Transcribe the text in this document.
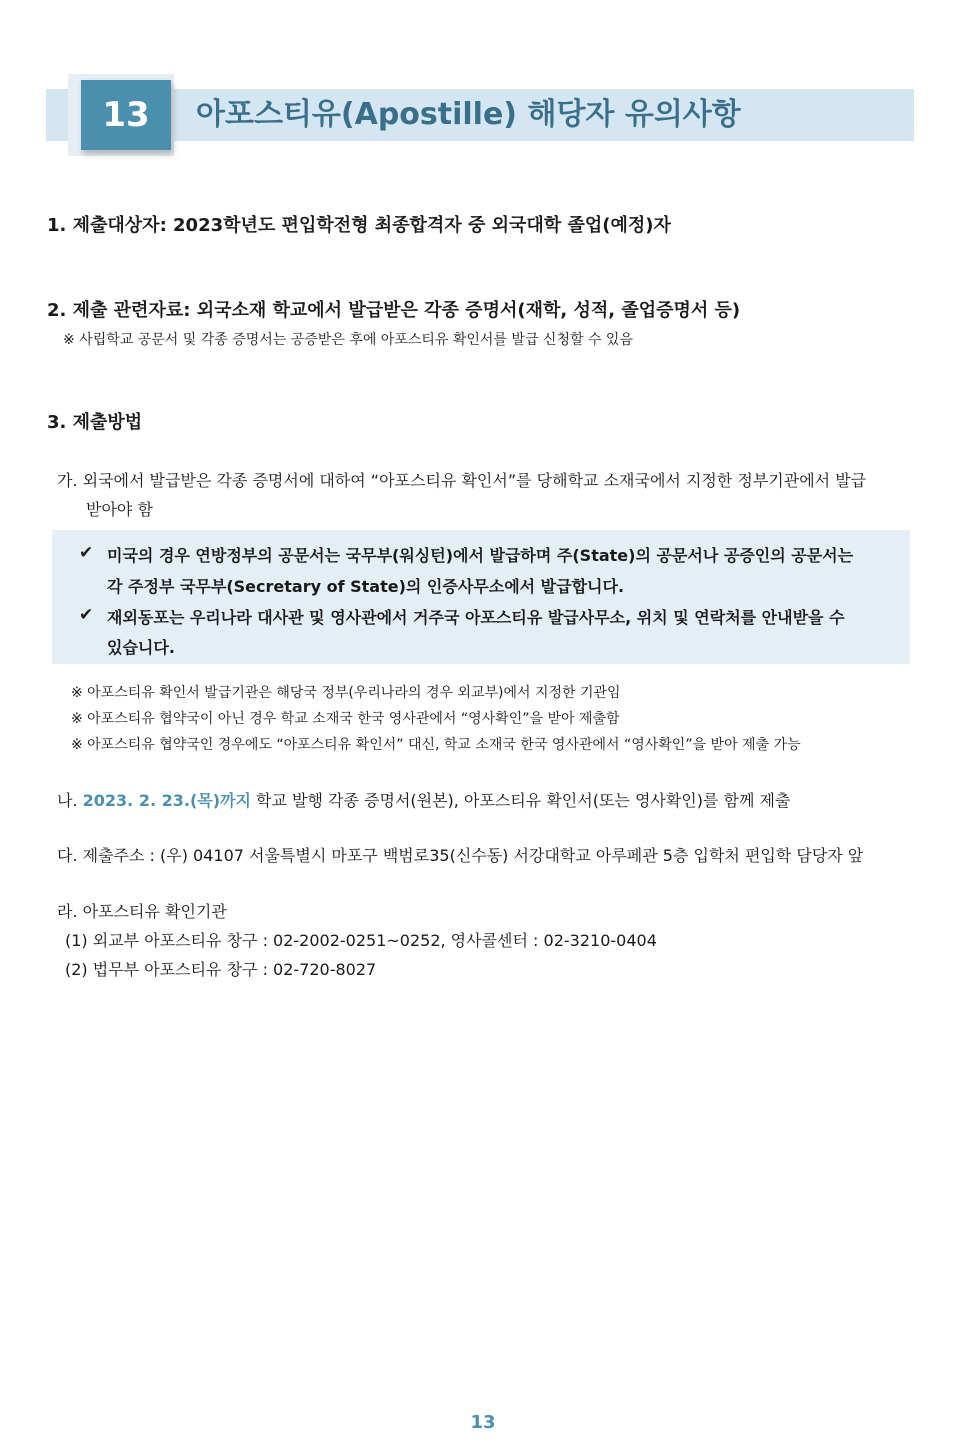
13	아포스티유(Apostille) 해당자 유의사항
1. 제출대상자: 2023학년도 편입학전형 최종합격자 중 외국대학 졸업(예정)자
2. 제출 관련자료: 외국소재 학교에서 발급받은 각종 증명서(재학, 성적, 졸업증명서 등)
※ 사립학교 공문서 및 각종 증명서는 공증받은 후에 아포스티유 확인서를 발급 신청할 수 있음
3. 제출방법
가. 외국에서 발급받은 각종 증명서에 대하여 “아포스티유 확인서”를 당해학교 소재국에서 지정한 정부기관에서 발급
받아야 함
✔ 미국의 경우 연방정부의 공문서는 국무부(워싱턴)에서 발급하며 주(State)의 공문서나 공증인의 공문서는
각 주정부 국무부(Secretary of State)의 인증사무소에서 발급합니다.
✔ 재외동포는 우리나라 대사관 및 영사관에서 거주국 아포스티유 발급사무소, 위치 및 연락처를 안내받을 수
있습니다.
※ 아포스티유 확인서 발급기관은 해당국 정부(우리나라의 경우 외교부)에서 지정한 기관임
※ 아포스티유 협약국이 아닌 경우 학교 소재국 한국 영사관에서 “영사확인”을 받아 제출함
※ 아포스티유 협약국인 경우에도 “아포스티유 확인서” 대신, 학교 소재국 한국 영사관에서 “영사확인”을 받아 제출 가능
나. 2023. 2. 23.(목)까지 학교 발행 각종 증명서(원본), 아포스티유 확인서(또는 영사확인)를 함께 제출
다. 제출주소 : (우) 04107 서울특별시 마포구 백범로35(신수동) 서강대학교 아루페관 5층 입학처 편입학 담당자 앞
라. 아포스티유 확인기관
(1) 외교부 아포스티유 창구 : 02-2002-0251~0252, 영사콜센터 : 02-3210-0404
(2) 법무부 아포스티유 창구 : 02-720-8027
13
